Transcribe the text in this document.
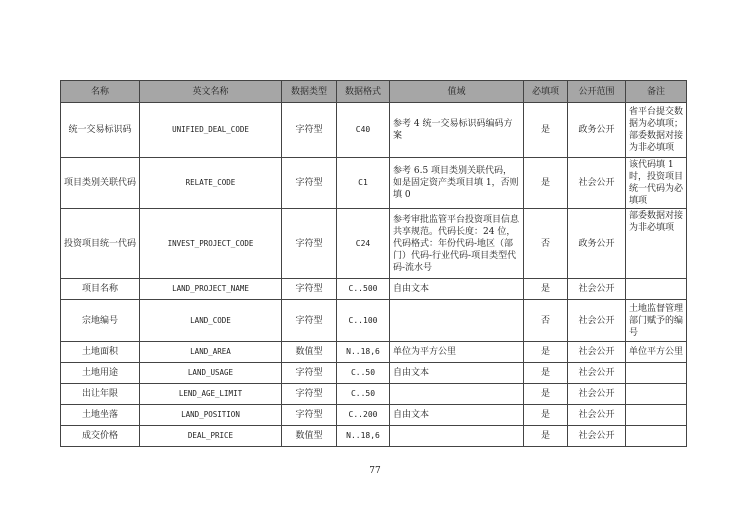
名称	英文名称	数据类型	数据格式	值域	必填项	公开范围	备注
统一交易标识码	UNIFIED_DEAL_CODE	字符型	C40	参考 4 统一交易标识码编码方案	是	政务公开	省平台提交数据为必填项；部委数据对接为非必填项
项目类别关联代码	RELATE_CODE	字符型	C1	参考 6.5 项目类别关联代码，如是固定资产类项目填 1，否则填 0	是	社会公开	该代码填 1 时，投资项目统一代码为必填项
投资项目统一代码	INVEST_PROJECT_CODE	字符型	C24	参考审批监管平台投资项目信息共享规范。代码长度：24 位，代码格式：年份代码-地区（部门）代码-行业代码-项目类型代码-流水号	否	政务公开	部委数据对接为非必填项
项目名称	LAND_PROJECT_NAME	字符型	C..500	自由文本	是	社会公开	
宗地编号	LAND_CODE	字符型	C..100		否	社会公开	土地监督管理部门赋予的编号
土地面积	LAND_AREA	数值型	N..18,6	单位为平方公里	是	社会公开	单位平方公里
土地用途	LAND_USAGE	字符型	C..50	自由文本	是	社会公开	
出让年限	LEND_AGE_LIMIT	字符型	C..50		是	社会公开	
土地坐落	LAND_POSITION	字符型	C..200	自由文本	是	社会公开	
成交价格	DEAL_PRICE	数值型	N..18,6		是	社会公开	
77
